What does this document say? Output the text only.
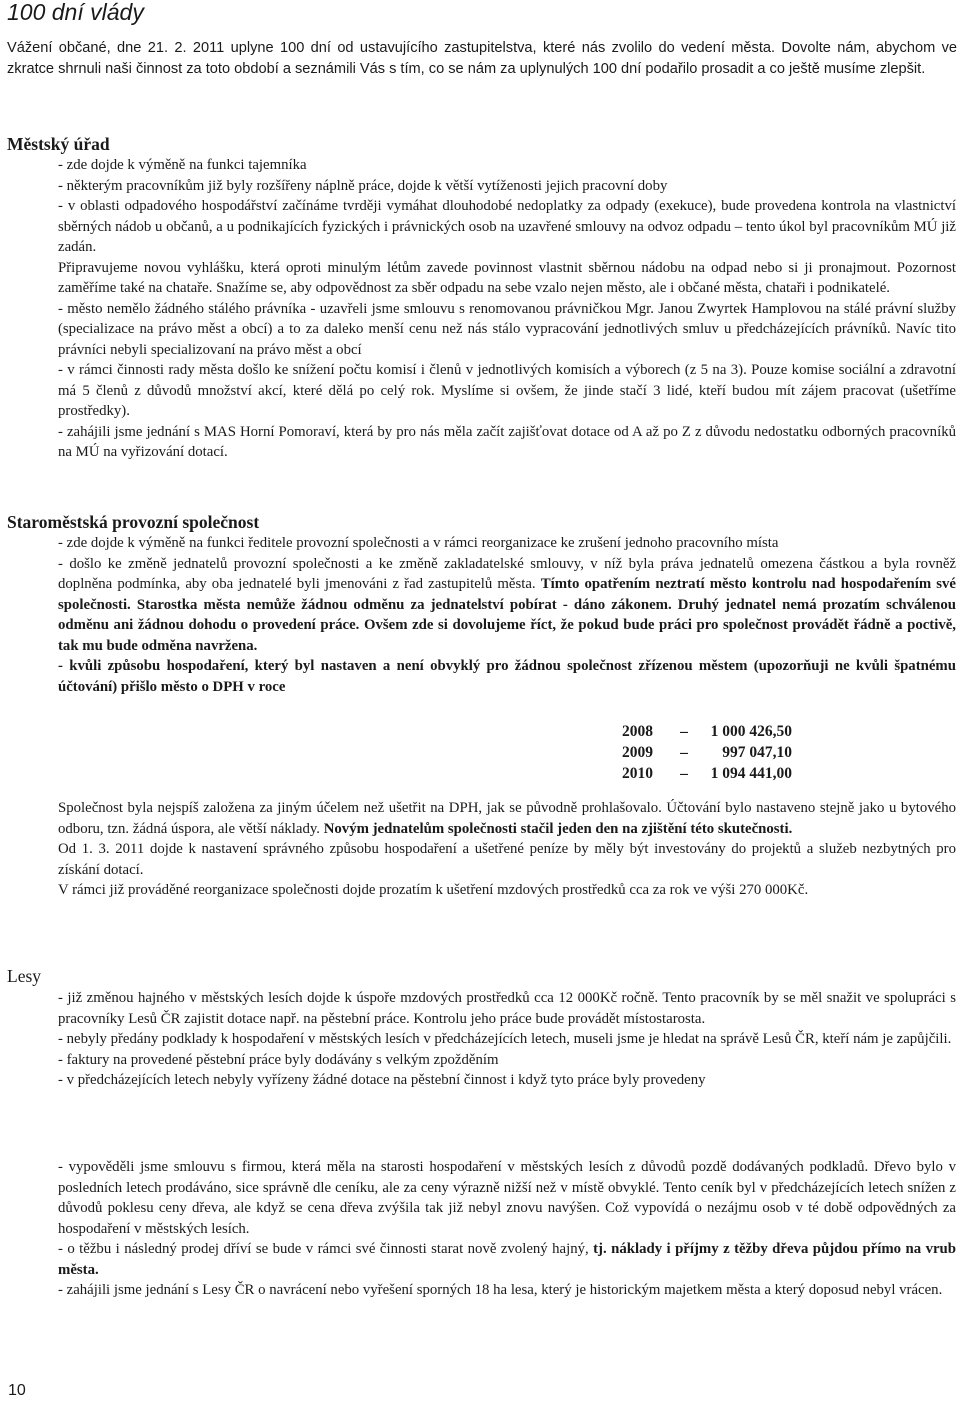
100 dní vlády

Vážení občané, dne 21. 2. 2011 uplyne 100 dní od ustavujícího zastupitelstva, které nás zvolilo do vedení města. Dovolte nám, abychom ve zkratce shrnuli naši činnost za toto období a seznámili Vás s tím, co se nám za uplynulých 100 dní podařilo prosadit a co ještě musíme zlepšit.

Městský úřad

- zde dojde k výměně na funkci tajemníka

- některým pracovníkům již byly rozšířeny náplně práce, dojde k větší vytíženosti jejich pracovní doby

- v oblasti odpadového hospodářství začínáme tvrději vymáhat dlouhodobé nedoplatky za odpady (exekuce), bude provedena kontrola na vlastnictví sběrných nádob u občanů, a u podnikajících fyzických i právnických osob na uzavřené smlouvy na odvoz odpadu – tento úkol byl pracovníkům MÚ již zadán.

Připravujeme novou vyhlášku, která oproti minulým létům zavede povinnost vlastnit sběrnou nádobu na odpad nebo si ji pronajmout. Pozornost zaměříme také na chataře. Snažíme se, aby odpovědnost za sběr odpadu na sebe vzalo nejen město, ale i občané města, chataři i podnikatelé.

- město nemělo žádného stálého právníka - uzavřeli jsme smlouvu s renomovanou právničkou Mgr. Janou Zwyrtek Hamplovou na stálé právní služby (specializace na právo měst a obcí) a to za daleko menší cenu než nás stálo vypracování jednotlivých smluv u předcházejících právníků. Navíc tito právníci nebyli specializovaní na právo měst a obcí

- v rámci činnosti rady města došlo ke snížení počtu komisí i členů v jednotlivých komisích a výborech (z 5 na 3). Pouze komise sociální a zdravotní má 5 členů z důvodů množství akcí, které dělá po celý rok. Myslíme si ovšem, že jinde stačí 3 lidé, kteří budou mít zájem pracovat (ušetříme prostředky).

- zahájili jsme jednání s MAS Horní Pomoraví, která by pro nás měla začít zajišťovat dotace od A až po Z z důvodu nedostatku odborných pracovníků na MÚ na vyřizování dotací.

Staroměstská provozní společnost

- zde dojde k výměně na funkci ředitele provozní společnosti a v rámci reorganizace ke zrušení jednoho pracovního místa

- došlo ke změně jednatelů provozní společnosti a ke změně zakladatelské smlouvy, v níž byla práva jednatelů omezena částkou a byla rovněž doplněna podmínka, aby oba jednatelé byli jmenováni z řad zastupitelů města. Tímto opatřením neztratí město kontrolu nad hospodařením své společnosti. Starostka města nemůže žádnou odměnu za jednatelství pobírat - dáno zákonem. Druhý jednatel nemá prozatím schválenou odměnu ani žádnou dohodu o provedení práce. Ovšem zde si dovolujeme říct, že pokud bude práci pro společnost provádět řádně a poctivě, tak mu bude odměna navržena.

- kvůli způsobu hospodaření, který byl nastaven a není obvyklý pro žádnou společnost zřízenou městem (upozorňuji ne kvůli špatnému účtování) přišlo město o DPH v roce

2008	–	1 000 426,50
2009	–	997 047,10
2010	–	1 094 441,00

Společnost byla nejspíš založena za jiným účelem než ušetřit na DPH, jak se původně prohlašovalo. Účtování bylo nastaveno stejně jako u bytového odboru, tzn. žádná úspora, ale větší náklady. Novým jednatelům společnosti stačil jeden den na zjištění této skutečnosti.

Od 1. 3. 2011 dojde k nastavení správného způsobu hospodaření a ušetřené peníze by měly být investovány do projektů a služeb nezbytných pro získání dotací.

V rámci již prováděné reorganizace společnosti dojde prozatím k ušetření mzdových prostředků cca za rok ve výši 270 000Kč.

Lesy

- již změnou hajného v městských lesích dojde k úspoře mzdových prostředků cca 12 000Kč ročně. Tento pracovník by se měl snažit ve spolupráci s pracovníky Lesů ČR zajistit dotace např. na pěstební práce. Kontrolu jeho práce bude provádět místostarosta.

- nebyly předány podklady k hospodaření v městských lesích v předcházejících letech, museli jsme je hledat na správě Lesů ČR, kteří nám je zapůjčili.

- faktury na provedené pěstební práce byly dodávány s velkým zpožděním

- v předcházejících letech nebyly vyřízeny žádné dotace na pěstební činnost i když tyto práce byly provedeny

- vypověděli jsme smlouvu s firmou, která měla na starosti hospodaření v městských lesích z důvodů pozdě dodávaných podkladů. Dřevo bylo v posledních letech prodáváno, sice správně dle ceníku, ale za ceny výrazně nižší než v místě obvyklé. Tento ceník byl v předcházejících letech snížen z důvodů poklesu ceny dřeva, ale když se cena dřeva zvýšila tak již nebyl znovu navýšen. Což vypovídá o nezájmu osob v té době odpovědných za hospodaření v městských lesích.

- o těžbu i následný prodej dříví se bude v rámci své činnosti starat nově zvolený hajný, tj. náklady i příjmy z těžby dřeva půjdou přímo na vrub města.

- zahájili jsme jednání s Lesy ČR o navrácení nebo vyřešení sporných 18 ha lesa, který je historickým majetkem města a který doposud nebyl vrácen.

10
